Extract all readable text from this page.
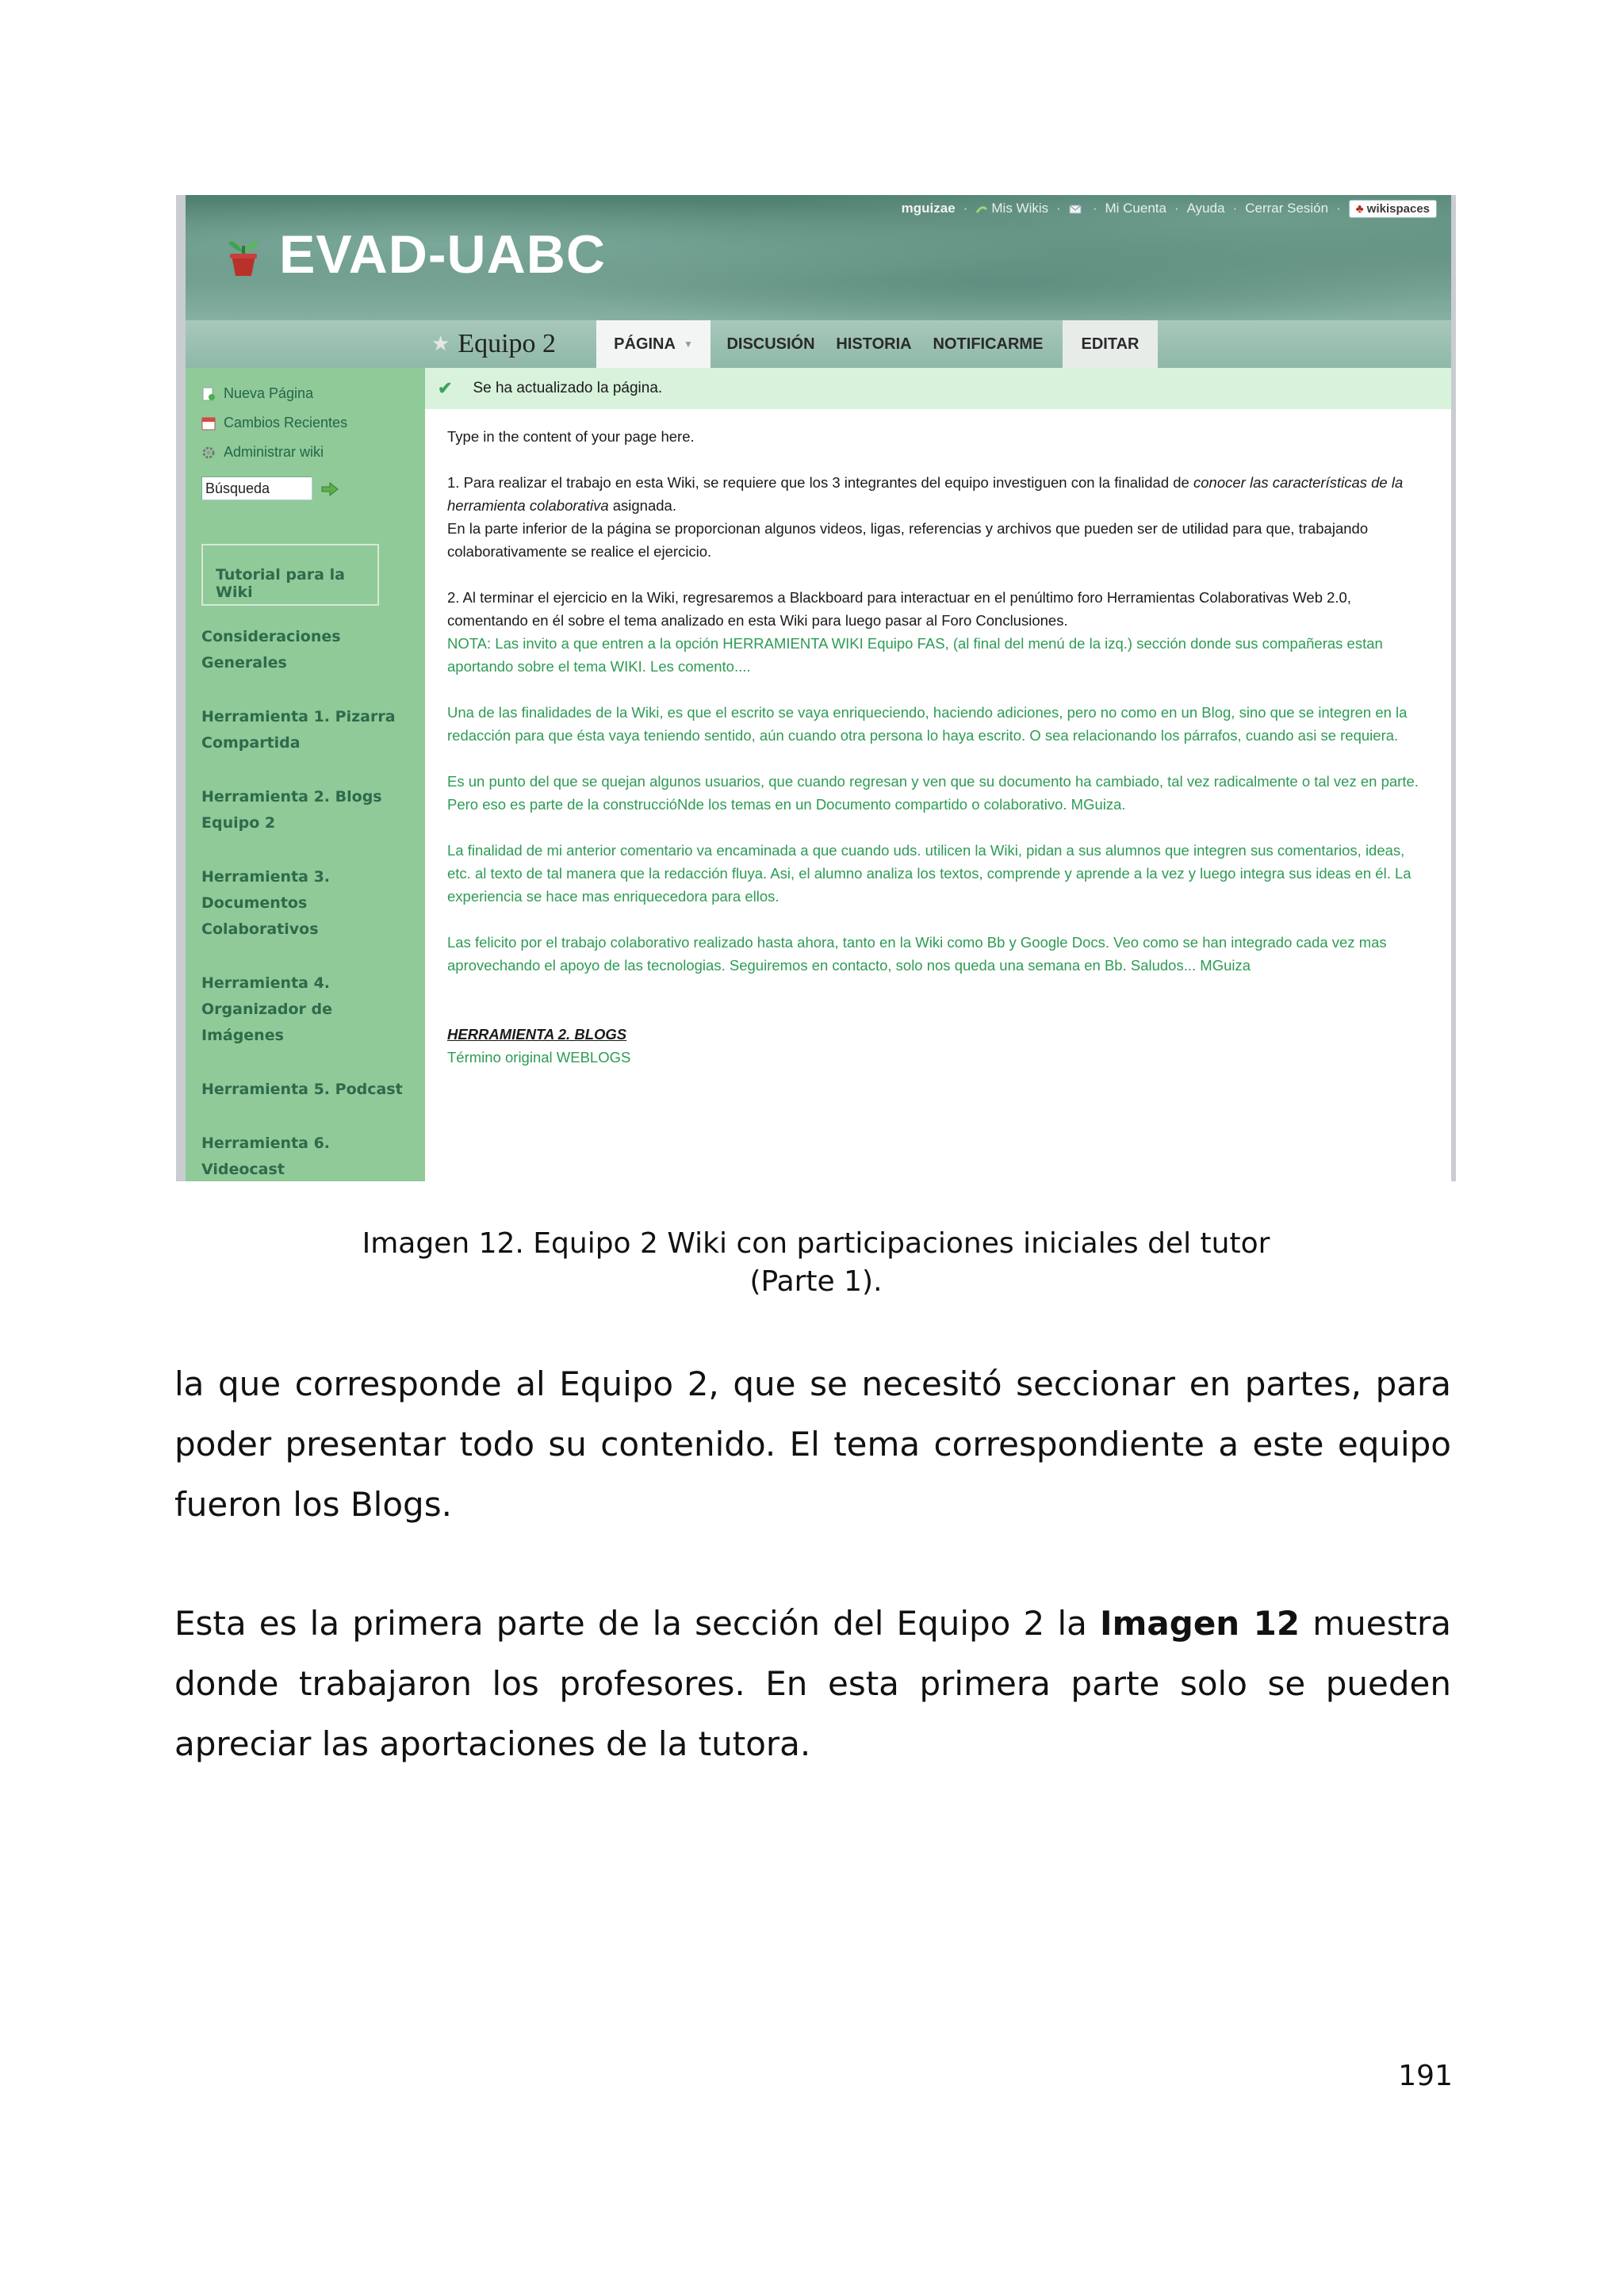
mguizae ·	Mis Wikis · · Mi Cuenta · Ayuda · Cerrar Sesión ·	♣ wikispaces
EVAD-UABC
★ Equipo 2	PÁGINA ▼	DISCUSIÓN	HISTORIA	NOTIFICARME	EDITAR
Nueva Página
Cambios Recientes
Administrar wiki
Búsqueda
Tutorial para la Wiki
Consideraciones
Generales
Herramienta 1. Pizarra
Compartida
Herramienta 2. Blogs
Equipo 2
Herramienta 3.
Documentos
Colaborativos
Herramienta 4.
Organizador de
Imágenes
Herramienta 5. Podcast
Herramienta 6.
Videocast
✔ Se ha actualizado la página.

Type in the content of your page here.

1. Para realizar el trabajo en esta Wiki, se requiere que los 3 integrantes del equipo investiguen con la finalidad de conocer las características de la herramienta colaborativa asignada.
En la parte inferior de la página se proporcionan algunos videos, ligas, referencias y archivos que pueden ser de utilidad para que, trabajando colaborativamente se realice el ejercicio.

2. Al terminar el ejercicio en la Wiki, regresaremos a Blackboard para interactuar en el penúltimo foro Herramientas Colaborativas Web 2.0, comentando en él sobre el tema analizado en esta Wiki para luego pasar al Foro Conclusiones.
NOTA: Las invito a que entren a la opción HERRAMIENTA WIKI Equipo FAS, (al final del menú de la izq.) sección donde sus compañeras estan aportando sobre el tema WIKI. Les comento....

Una de las finalidades de la Wiki, es que el escrito se vaya enriqueciendo, haciendo adiciones, pero no como en un Blog, sino que se integren en la redacción para que ésta vaya teniendo sentido, aún cuando otra persona lo haya escrito. O sea relacionando los párrafos, cuando asi se requiera.

Es un punto del que se quejan algunos usuarios, que cuando regresan y ven que su documento ha cambiado, tal vez radicalmente o tal vez en parte. Pero eso es parte de la construccióNde los temas en un Documento compartido o colaborativo. MGuiza.

La finalidad de mi anterior comentario va encaminada a que cuando uds. utilicen la Wiki, pidan a sus alumnos que integren sus comentarios, ideas, etc. al texto de tal manera que la redacción fluya. Asi, el alumno analiza los textos, comprende y aprende a la vez y luego integra sus ideas en él. La experiencia se hace mas enriquecedora para ellos.

Las felicito por el trabajo colaborativo realizado hasta ahora, tanto en la Wiki como Bb y Google Docs. Veo como se han integrado cada vez mas aprovechando el apoyo de las tecnologias. Seguiremos en contacto, solo nos queda una semana en Bb. Saludos... MGuiza

HERRAMIENTA 2. BLOGS
Término original WEBLOGS
Imagen 12. Equipo 2 Wiki con participaciones iniciales del tutor
(Parte 1).
la que corresponde al Equipo 2, que se necesitó seccionar en partes, para poder presentar todo su contenido. El tema correspondiente a este equipo fueron los Blogs.
Esta es la primera parte de la sección del Equipo 2 la Imagen 12 muestra donde trabajaron los profesores. En esta primera parte solo se pueden apreciar las aportaciones de la tutora.
191
